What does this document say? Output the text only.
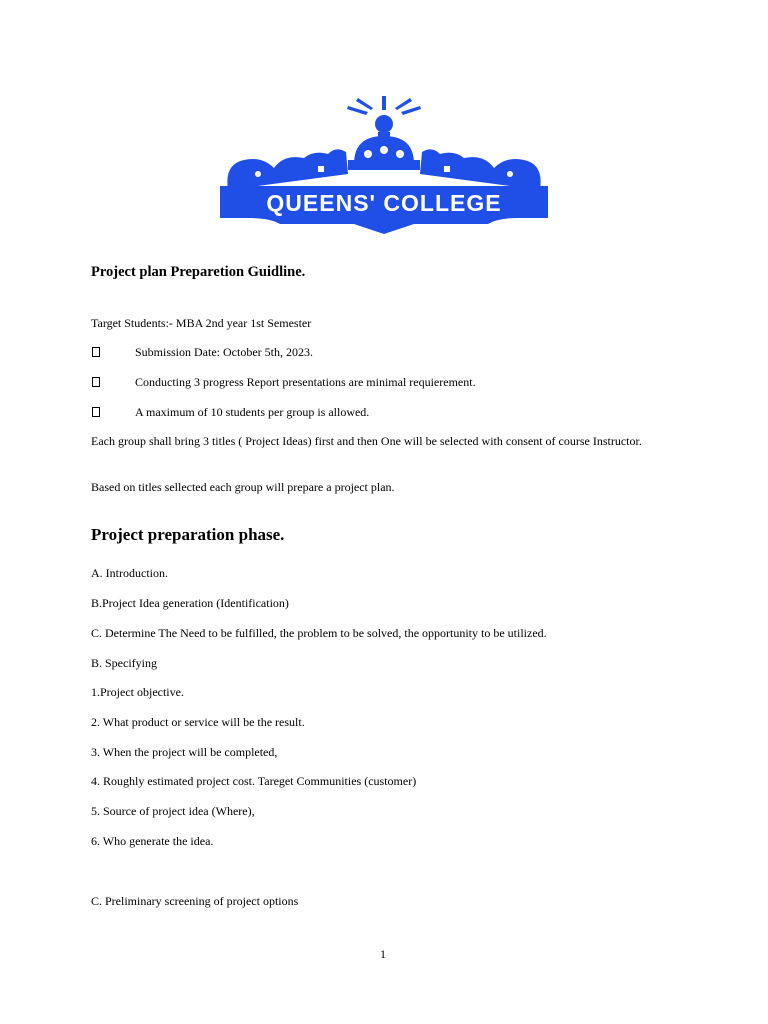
QUEENS' COLLEGE
Project plan Preparetion Guidline.
Target Students:- MBA 2nd year 1st Semester
Submission Date: October 5th, 2023.
Conducting 3 progress Report presentations are minimal requierement.
A maximum of 10 students per group is allowed.
Each group shall bring 3 titles ( Project Ideas) first and then One will be selected with consent of course Instructor.
Based on titles sellected each group will prepare a project plan.
Project preparation phase.
A. Introduction.
B.Project Idea generation (Identification)
C. Determine The Need to be fulfilled, the problem to be solved, the opportunity to be utilized.
B. Specifying
1.Project objective.
2. What product or service will be the result.
3. When the project will be completed,
4. Roughly estimated project cost. Tareget Communities (customer)
5. Source of project idea (Where),
6. Who generate the idea.
C. Preliminary screening of project options
1
